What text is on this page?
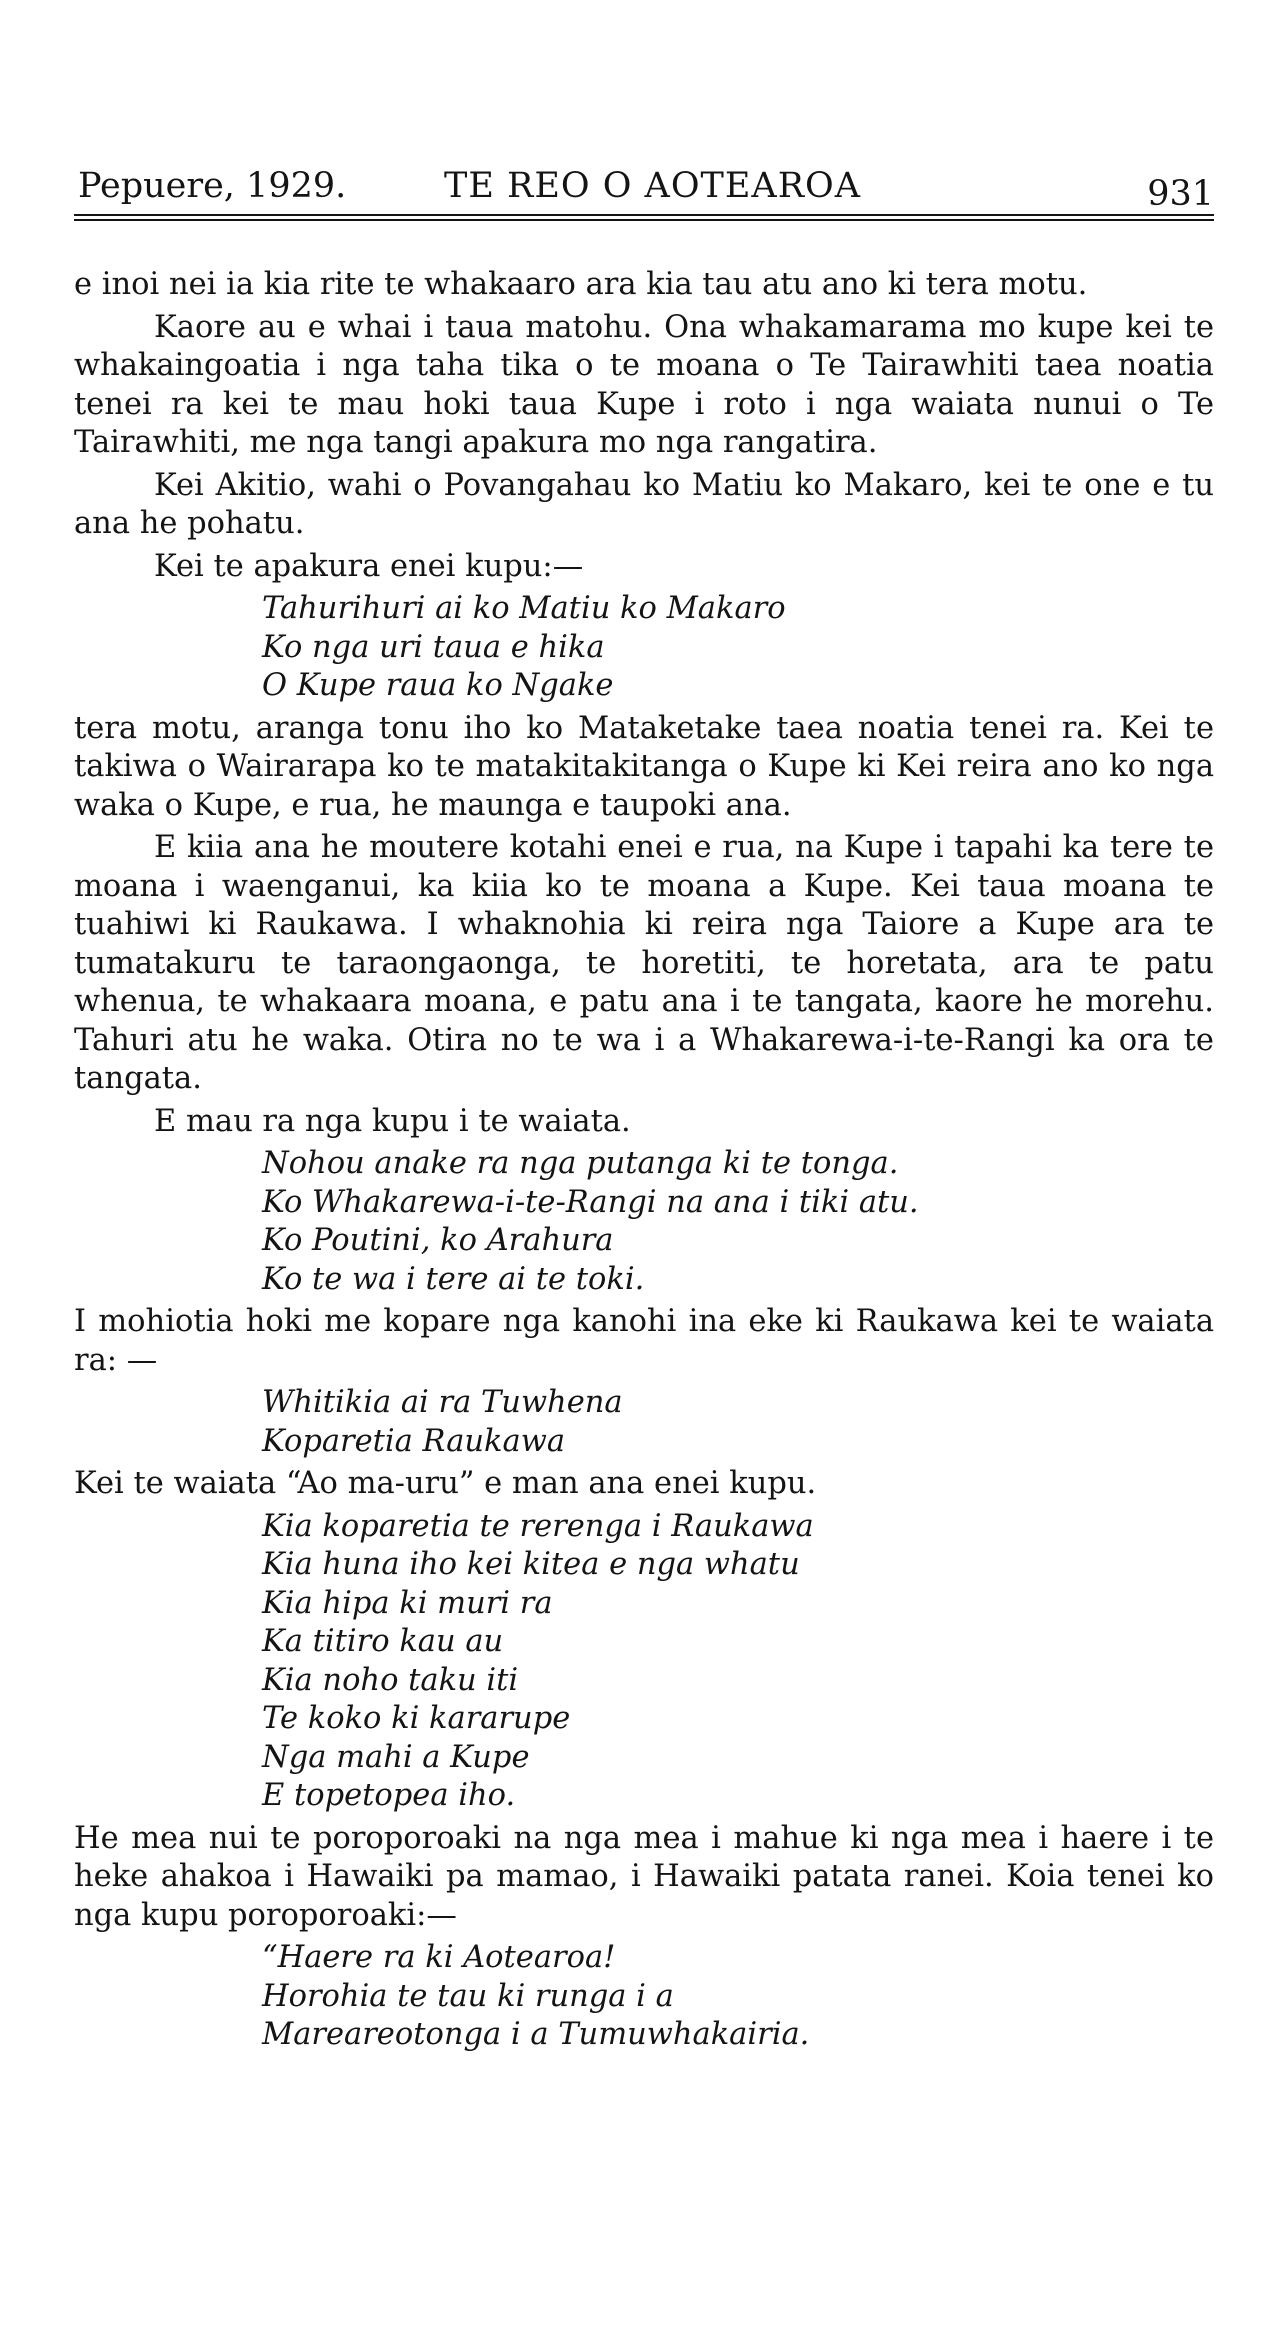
Pepuere, 1929.	TE REO O AOTEAROA	931

e inoi nei ia kia rite te whakaaro ara kia tau atu ano ki tera motu.

Kaore au e whai i taua matohu. Ona whakamarama mo kupe kei te whakaingoatia i nga taha tika o te moana o Te Tairawhiti taea noatia tenei ra kei te mau hoki taua Kupe i roto i nga waiata nunui o Te Tairawhiti, me nga tangi apakura mo nga rangatira.

Kei Akitio, wahi o Povangahau ko Matiu ko Makaro, kei te one e tu ana he pohatu.

Kei te apakura enei kupu:—

Tahurihuri ai ko Matiu ko Makaro
Ko nga uri taua e hika
O Kupe raua ko Ngake

tera motu, aranga tonu iho ko Mataketake taea noatia tenei ra. Kei te takiwa o Wairarapa ko te matakitakitanga o Kupe ki Kei reira ano ko nga waka o Kupe, e rua, he maunga e taupoki ana.

E kiia ana he moutere kotahi enei e rua, na Kupe i tapahi ka tere te moana i waenganui, ka kiia ko te moana a Kupe. Kei taua moana te tuahiwi ki Raukawa. I whaknohia ki reira nga Taiore a Kupe ara te tumatakuru te taraongaonga, te horetiti, te horetata, ara te patu whenua, te whakaara moana, e patu ana i te tangata, kaore he morehu. Tahuri atu he waka. Otira no te wa i a Whakarewa-i-te-Rangi ka ora te tangata.

E mau ra nga kupu i te waiata.

Nohou anake ra nga putanga ki te tonga.
Ko Whakarewa-i-te-Rangi na ana i tiki atu.
Ko Poutini, ko Arahura
Ko te wa i tere ai te toki.

I mohiotia hoki me kopare nga kanohi ina eke ki Raukawa kei te waiata ra: —

Whitikia ai ra Tuwhena
Koparetia Raukawa

Kei te waiata “Ao ma-uru” e man ana enei kupu.

Kia koparetia te rerenga i Raukawa
Kia huna iho kei kitea e nga whatu
Kia hipa ki muri ra
Ka titiro kau au
Kia noho taku iti
Te koko ki kararupe
Nga mahi a Kupe
E topetopea iho.

He mea nui te poroporoaki na nga mea i mahue ki nga mea i haere i te heke ahakoa i Hawaiki pa mamao, i Hawaiki patata ranei. Koia tenei ko nga kupu poroporoaki:—

“Haere ra ki Aotearoa!
Horohia te tau ki runga i a
Mareareotonga i a Tumuwhakairia.
